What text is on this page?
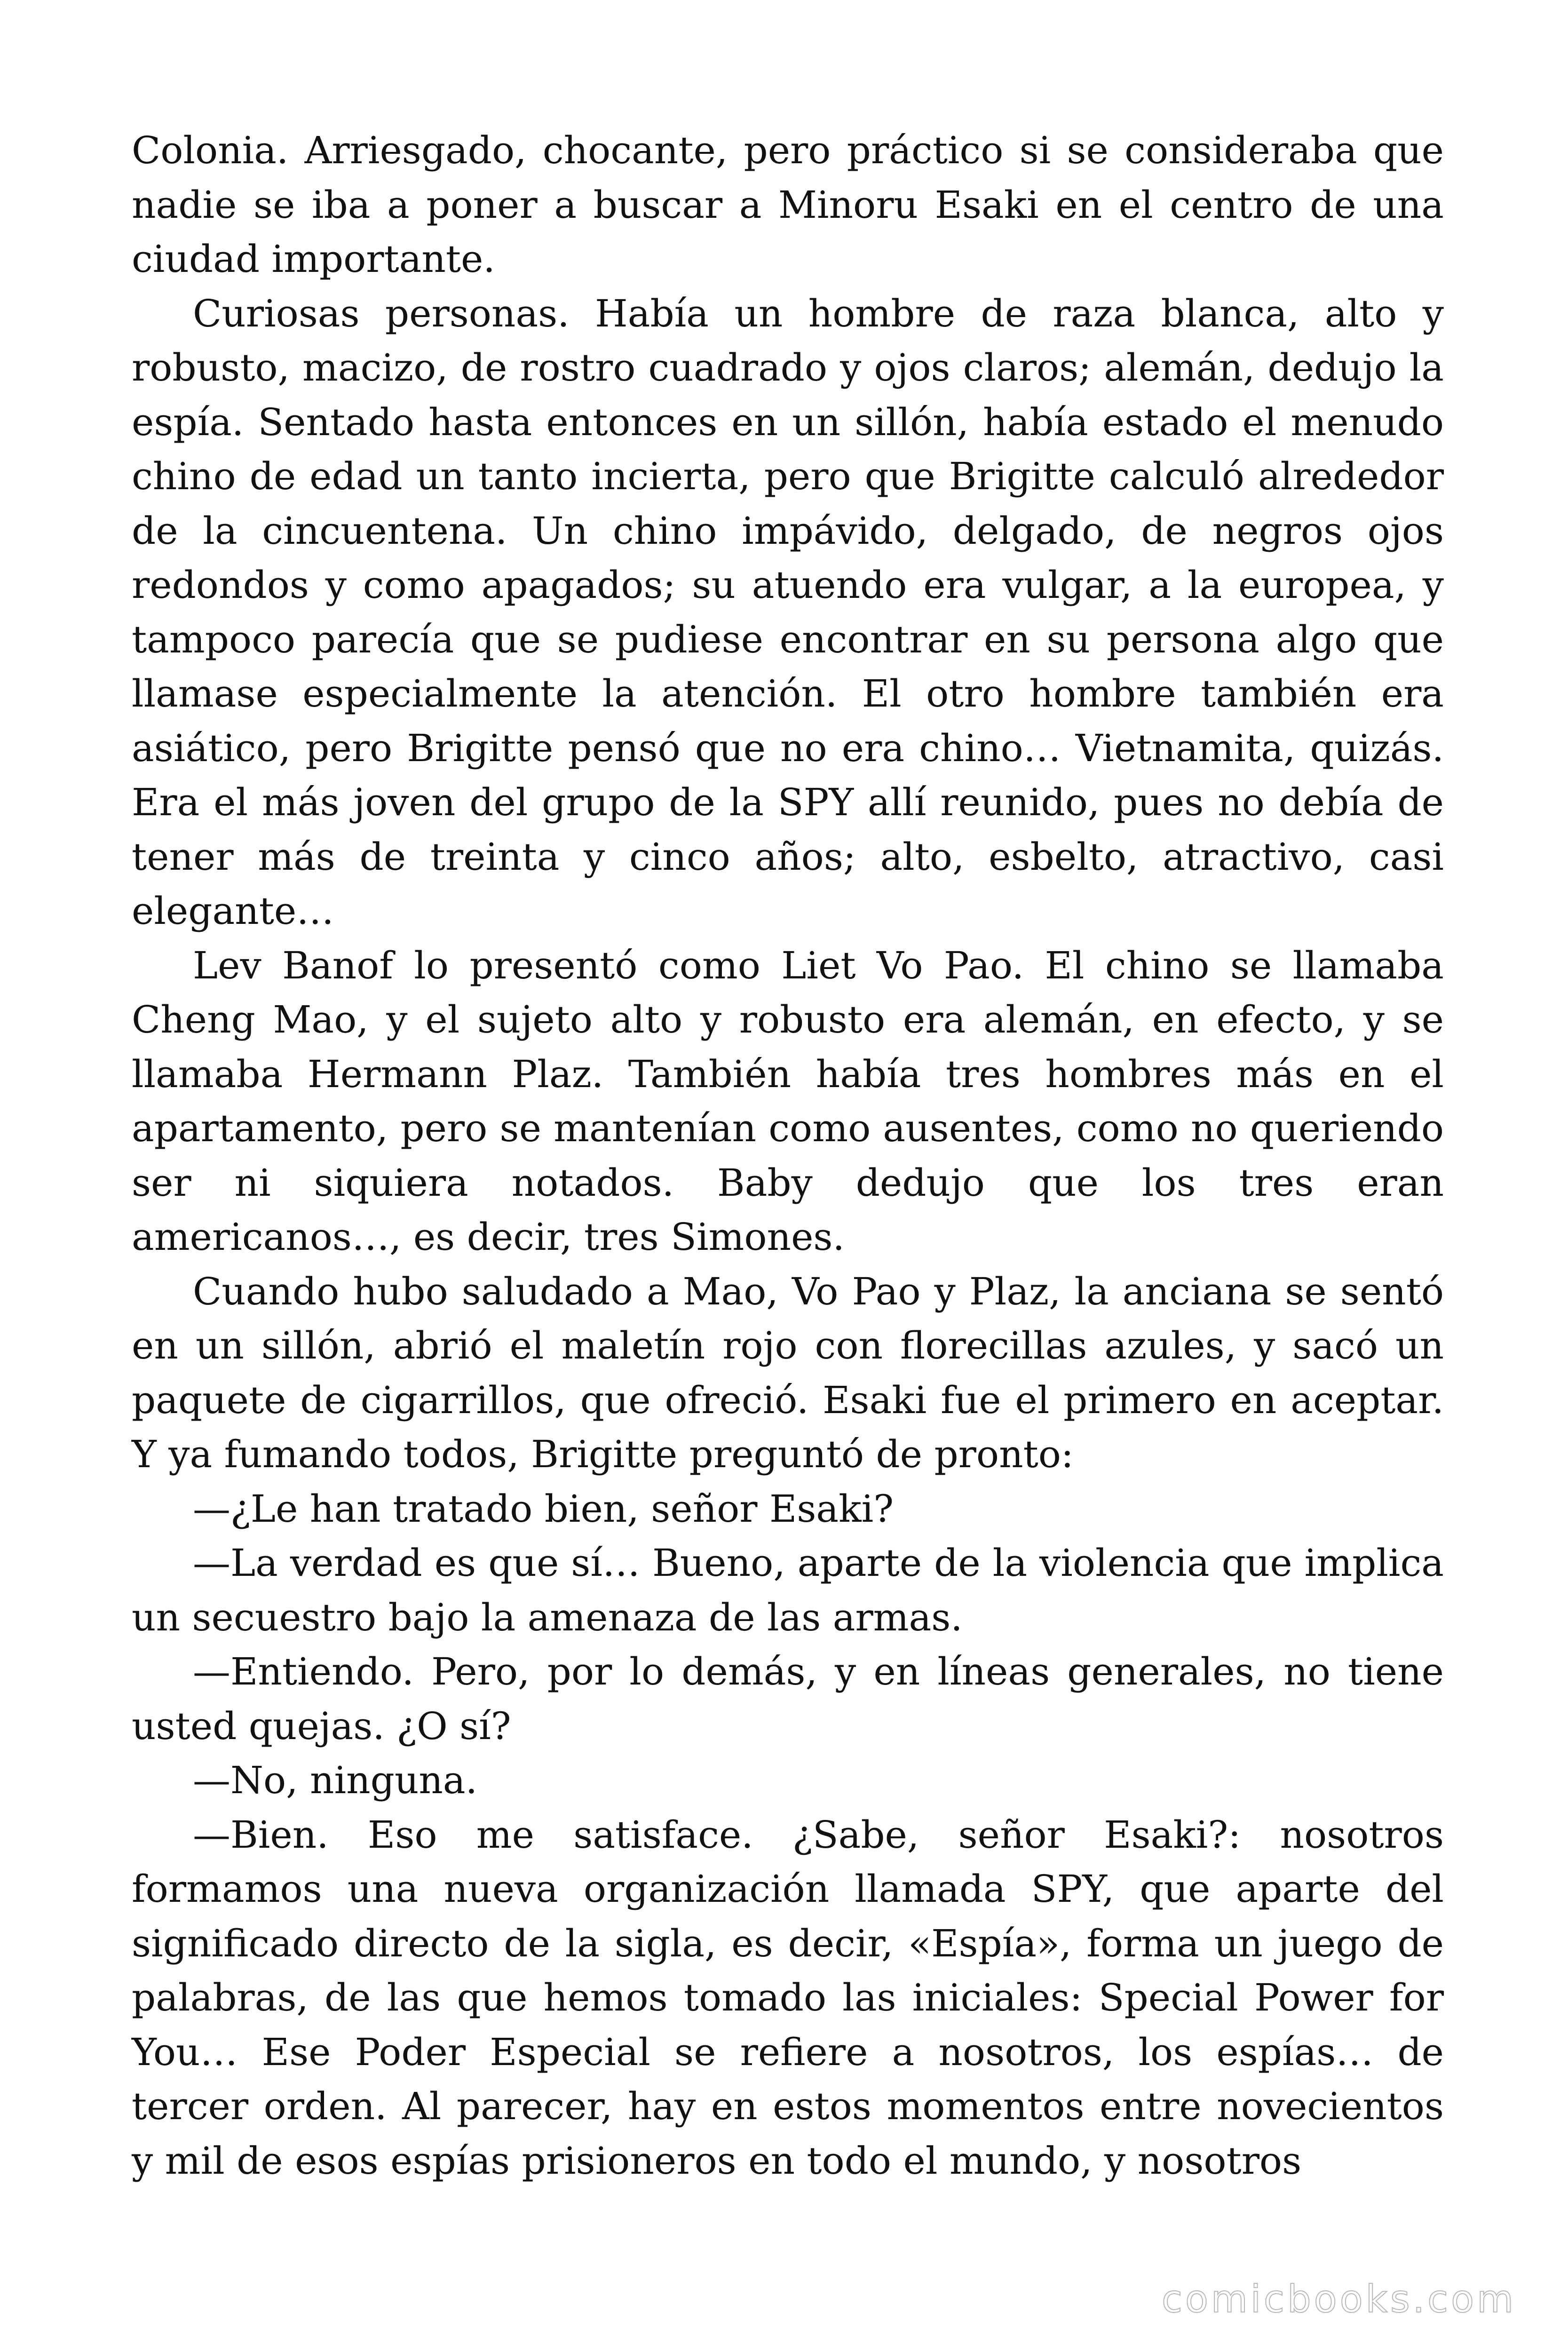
Colonia. Arriesgado, chocante, pero práctico si se consideraba que nadie se iba a poner a buscar a Minoru Esaki en el centro de una ciudad importante.

Curiosas personas. Había un hombre de raza blanca, alto y robusto, macizo, de rostro cuadrado y ojos claros; alemán, dedujo la espía. Sentado hasta entonces en un sillón, había estado el menudo chino de edad un tanto incierta, pero que Brigitte calculó alrededor de la cincuentena. Un chino impávido, delgado, de negros ojos redondos y como apagados; su atuendo era vulgar, a la europea, y tampoco parecía que se pudiese encontrar en su persona algo que llamase especialmente la atención. El otro hombre también era asiático, pero Brigitte pensó que no era chino… Vietnamita, quizás. Era el más joven del grupo de la SPY allí reunido, pues no debía de tener más de treinta y cinco años; alto, esbelto, atractivo, casi elegante…

Lev Banof lo presentó como Liet Vo Pao. El chino se llamaba Cheng Mao, y el sujeto alto y robusto era alemán, en efecto, y se llamaba Hermann Plaz. También había tres hombres más en el apartamento, pero se mantenían como ausentes, como no queriendo ser ni siquiera notados. Baby dedujo que los tres eran americanos…, es decir, tres Simones.

Cuando hubo saludado a Mao, Vo Pao y Plaz, la anciana se sentó en un sillón, abrió el maletín rojo con florecillas azules, y sacó un paquete de cigarrillos, que ofreció. Esaki fue el primero en aceptar. Y ya fumando todos, Brigitte preguntó de pronto:

—¿Le han tratado bien, señor Esaki?

—La verdad es que sí… Bueno, aparte de la violencia que implica un secuestro bajo la amenaza de las armas.

—Entiendo. Pero, por lo demás, y en líneas generales, no tiene usted quejas. ¿O sí?

—No, ninguna.

—Bien. Eso me satisface. ¿Sabe, señor Esaki?: nosotros formamos una nueva organización llamada SPY, que aparte del significado directo de la sigla, es decir, «Espía», forma un juego de palabras, de las que hemos tomado las iniciales: Special Power for You… Ese Poder Especial se refiere a nosotros, los espías… de tercer orden. Al parecer, hay en estos momentos entre novecientos y mil de esos espías prisioneros en todo el mundo, y nosotros

comicbooks.com
